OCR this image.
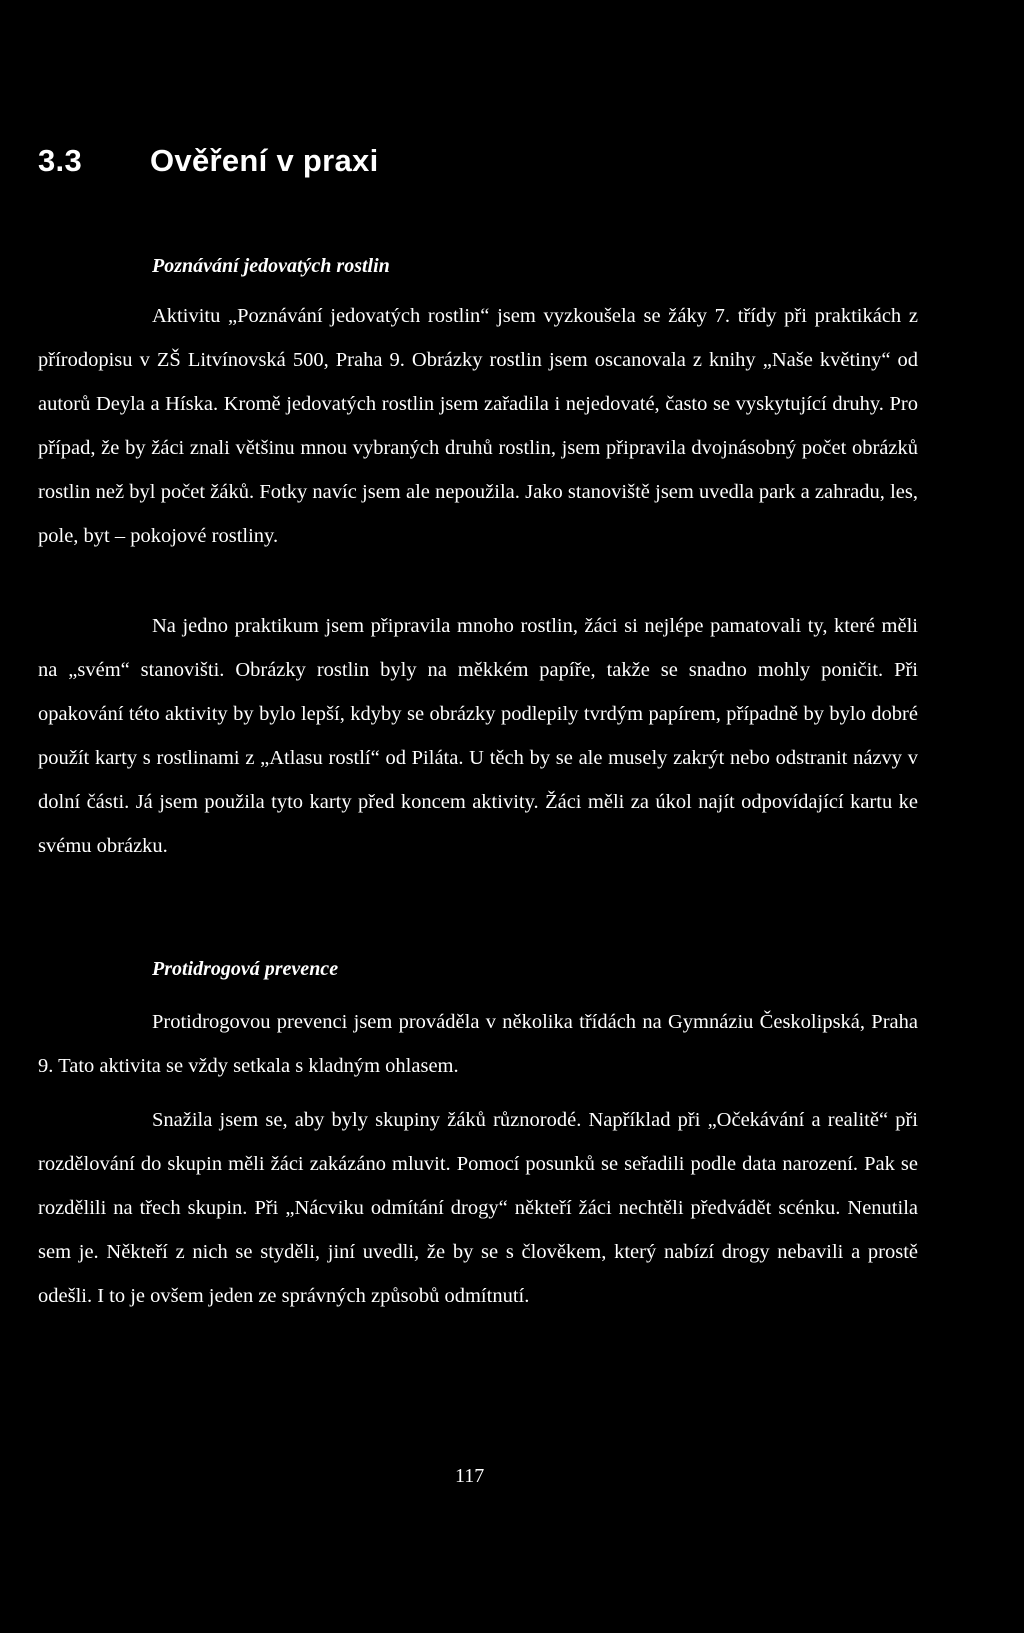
3.3 Ověření v praxi
Poznávání jedovatých rostlin

Aktivitu „Poznávání jedovatých rostlin“ jsem vyzkoušela se žáky 7. třídy při praktikách z přírodopisu v ZŠ Litvínovská 500, Praha 9. Obrázky rostlin jsem oscanovala z knihy „Naše květiny“ od autorů Deyla a Híska. Kromě jedovatých rostlin jsem zařadila i nejedovaté, často se vyskytující druhy. Pro případ, že by žáci znali většinu mnou vybraných druhů rostlin, jsem připravila dvojnásobný počet obrázků rostlin než byl počet žáků. Fotky navíc jsem ale nepoužila. Jako stanoviště jsem uvedla park a zahradu, les, pole, byt – pokojové rostliny.

Na jedno praktikum jsem připravila mnoho rostlin, žáci si nejlépe pamatovali ty, které měli na „svém“ stanovišti. Obrázky rostlin byly na měkkém papíře, takže se snadno mohly poničit. Při opakování této aktivity by bylo lepší, kdyby se obrázky podlepily tvrdým papírem, případně by bylo dobré použít karty s rostlinami z „Atlasu rostlí“ od Piláta. U těch by se ale musely zakrýt nebo odstranit názvy v dolní části. Já jsem použila tyto karty před koncem aktivity. Žáci měli za úkol najít odpovídající kartu ke svému obrázku.

Protidrogová prevence

Protidrogovou prevenci jsem prováděla v několika třídách na Gymnáziu Českolipská, Praha 9. Tato aktivita se vždy setkala s kladným ohlasem.

Snažila jsem se, aby byly skupiny žáků různorodé. Například při „Očekávání a realitě“ při rozdělování do skupin měli žáci zakázáno mluvit. Pomocí posunků se seřadili podle data narození. Pak se rozdělili na třech skupin. Při „Nácviku odmítání drogy“ někteří žáci nechtěli předvádět scénku. Nenutila sem je. Někteří z nich se styděli, jiní uvedli, že by se s člověkem, který nabízí drogy nebavili a prostě odešli. I to je ovšem jeden ze správných způsobů odmítnutí.

117
